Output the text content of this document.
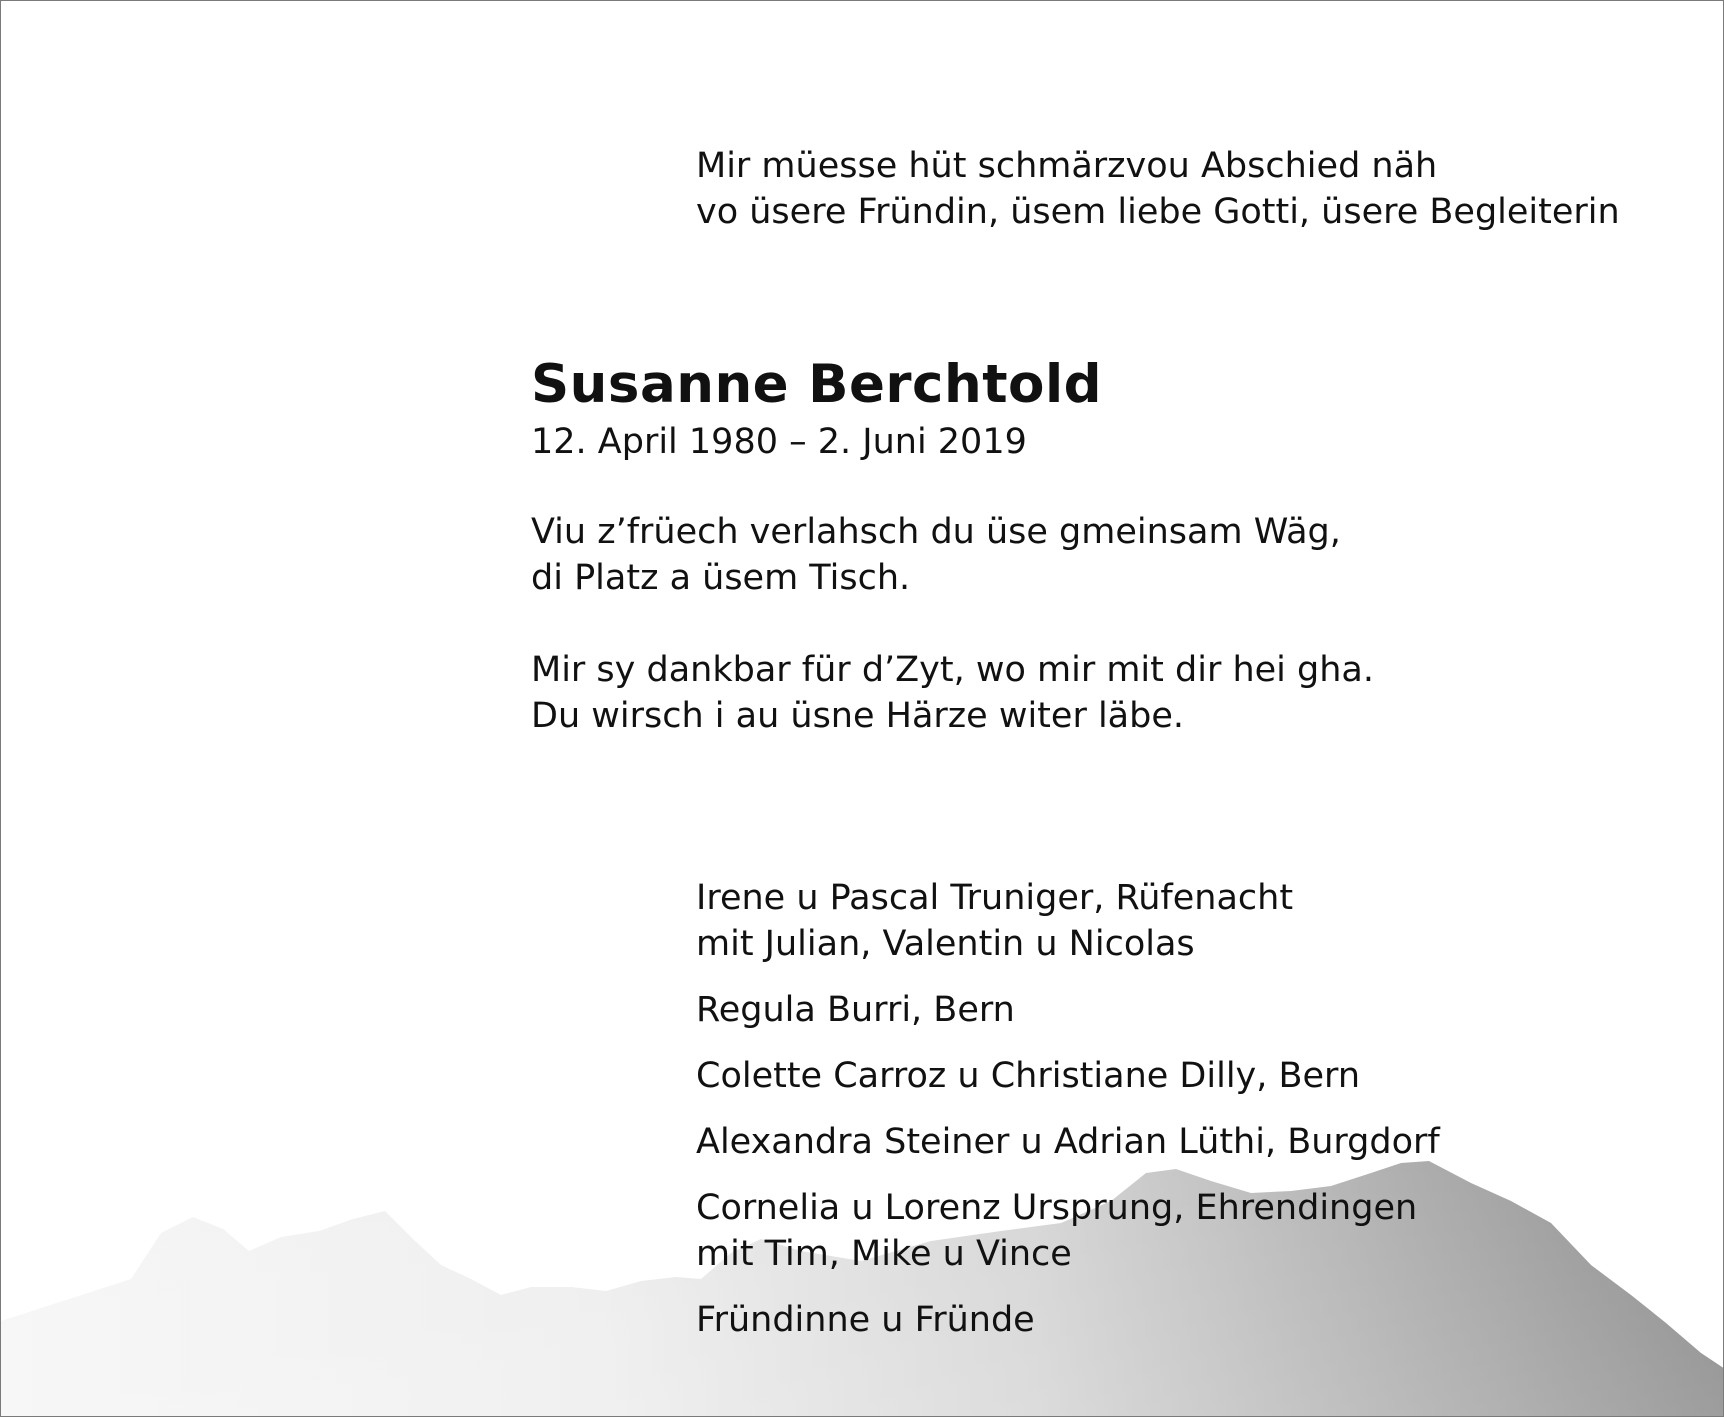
Mir müesse hüt schmärzvou Abschied näh
vo üsere Fründin, üsem liebe Gotti, üsere Begleiterin
Susanne Berchtold
12. April 1980 – 2. Juni 2019
Viu z’früech verlahsch du üse gmeinsam Wäg,
di Platz a üsem Tisch.
Mir sy dankbar für d’Zyt, wo mir mit dir hei gha.
Du wirsch i au üsne Härze witer läbe.
Irene u Pascal Truniger, Rüfenacht
mit Julian, Valentin u Nicolas
Regula Burri, Bern
Colette Carroz u Christiane Dilly, Bern
Alexandra Steiner u Adrian Lüthi, Burgdorf
Cornelia u Lorenz Ursprung, Ehrendingen
mit Tim, Mike u Vince
Fründinne u Fründe
